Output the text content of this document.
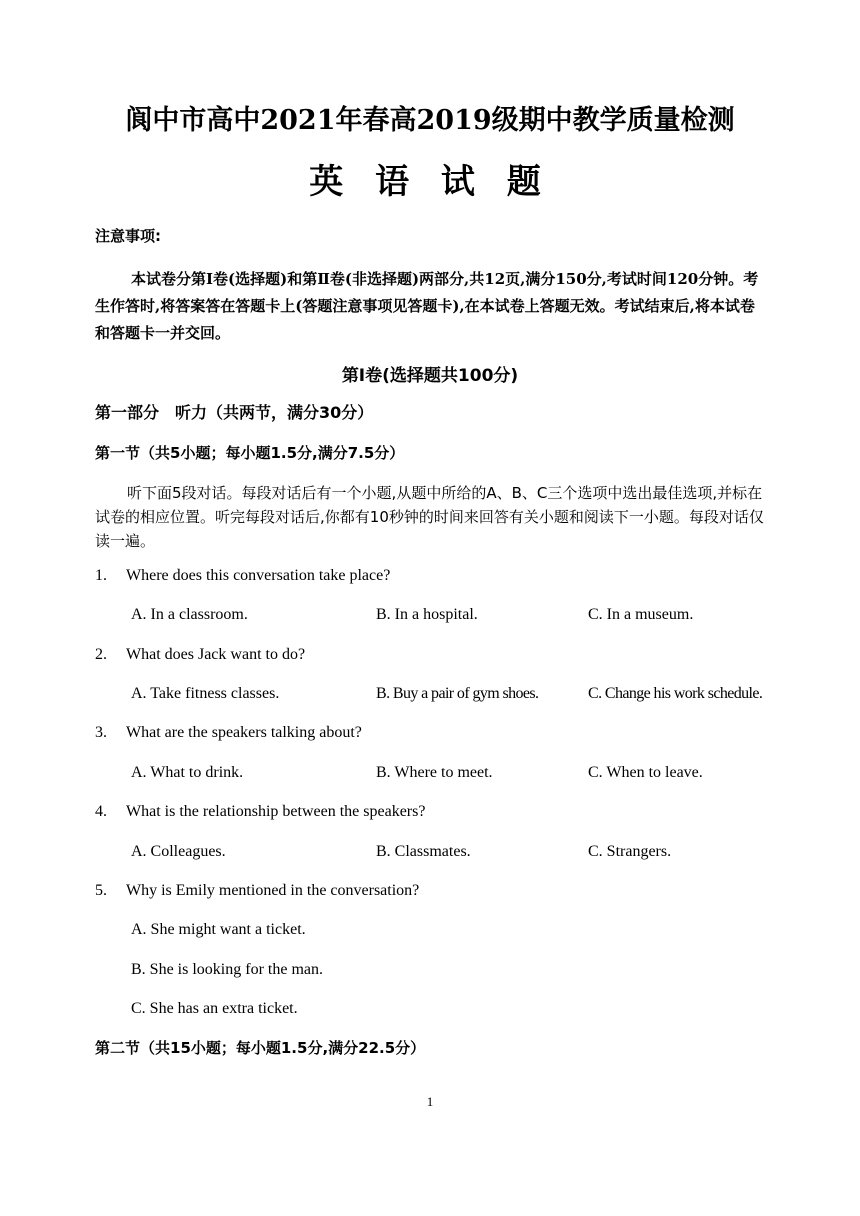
阆中市高中2021年春高2019级期中教学质量检测
英 语 试 题
注意事项:
本试卷分第Ⅰ卷(选择题)和第Ⅱ卷(非选择题)两部分,共12页,满分150分,考试时间120分钟。考生作答时,将答案答在答题卡上(答题注意事项见答题卡),在本试卷上答题无效。考试结束后,将本试卷和答题卡一并交回。
第Ⅰ卷(选择题共100分)
第一部分　听力（共两节，满分30分）
第一节（共5小题；每小题1.5分,满分7.5分）
听下面5段对话。每段对话后有一个小题,从题中所给的A、B、C三个选项中选出最佳选项,并标在试卷的相应位置。听完每段对话后,你都有10秒钟的时间来回答有关小题和阅读下一小题。每段对话仅读一遍。
1. Where does this conversation take place?
A. In a classroom.	B. In a hospital.	C. In a museum.
2. What does Jack want to do?
A. Take fitness classes.	B. Buy a pair of gym shoes.	C. Change his work schedule.
3. What are the speakers talking about?
A. What to drink.	B. Where to meet.	C. When to leave.
4. What is the relationship between the speakers?
A. Colleagues.	B. Classmates.	C. Strangers.
5. Why is Emily mentioned in the conversation?
A. She might want a ticket.
B. She is looking for the man.
C. She has an extra ticket.
第二节（共15小题；每小题1.5分,满分22.5分）
1
